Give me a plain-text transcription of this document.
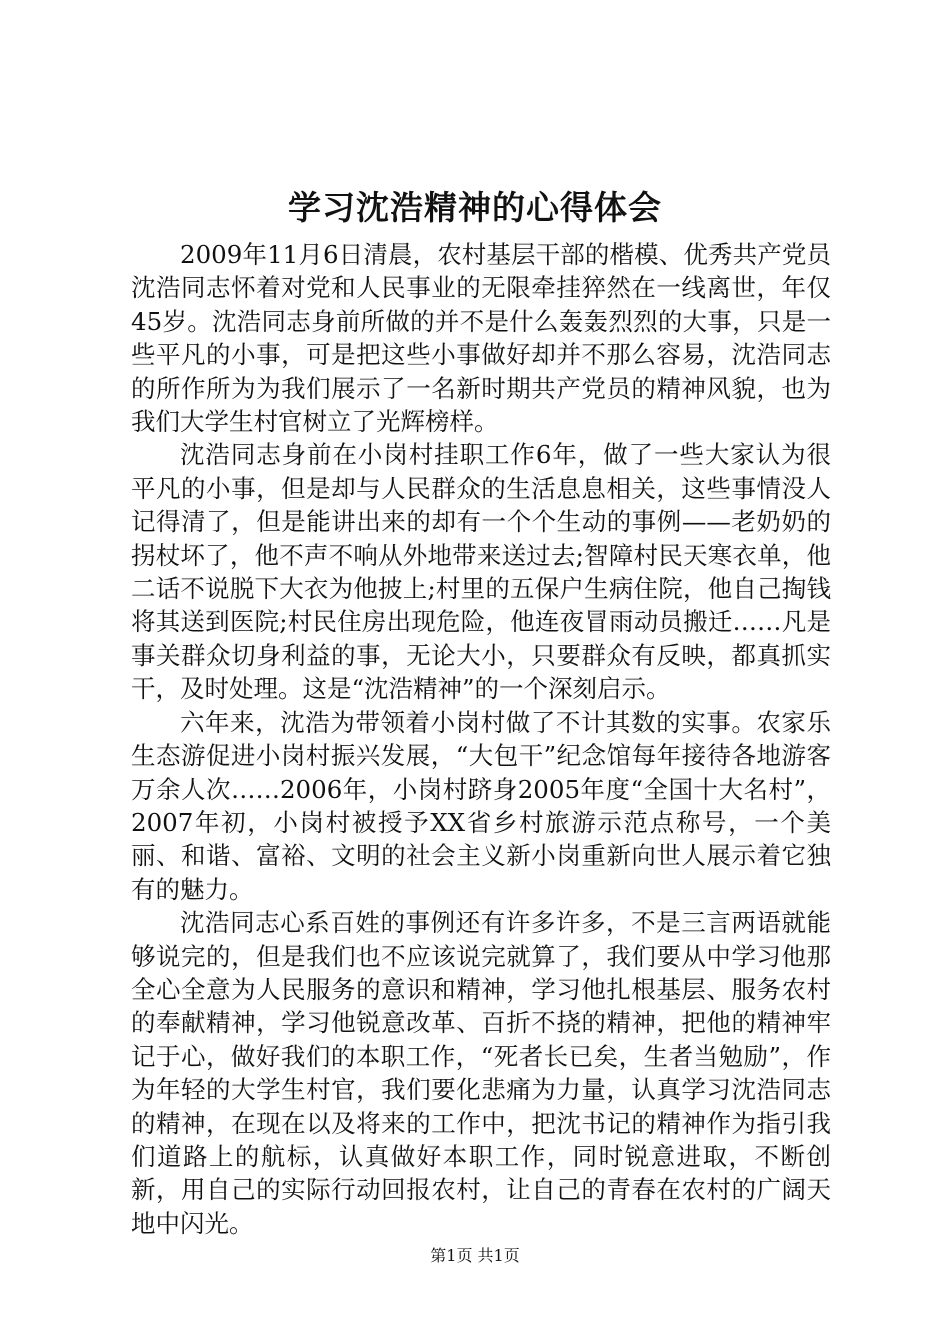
学习沈浩精神的心得体会

2009年11月6日清晨，农村基层干部的楷模、优秀共产党员沈浩同志怀着对党和人民事业的无限牵挂猝然在一线离世，年仅45岁。沈浩同志身前所做的并不是什么轰轰烈烈的大事，只是一些平凡的小事，可是把这些小事做好却并不那么容易，沈浩同志的所作所为为我们展示了一名新时期共产党员的精神风貌，也为我们大学生村官树立了光辉榜样。

沈浩同志身前在小岗村挂职工作6年，做了一些大家认为很平凡的小事，但是却与人民群众的生活息息相关，这些事情没人记得清了，但是能讲出来的却有一个个生动的事例——老奶奶的拐杖坏了，他不声不响从外地带来送过去;智障村民天寒衣单，他二话不说脱下大衣为他披上;村里的五保户生病住院，他自己掏钱将其送到医院;村民住房出现危险，他连夜冒雨动员搬迁……凡是事关群众切身利益的事，无论大小，只要群众有反映，都真抓实干，及时处理。这是“沈浩精神”的一个深刻启示。

六年来，沈浩为带领着小岗村做了不计其数的实事。农家乐生态游促进小岗村振兴发展，“大包干”纪念馆每年接待各地游客万余人次……2006年，小岗村跻身2005年度“全国十大名村”，2007年初，小岗村被授予XX省乡村旅游示范点称号，一个美丽、和谐、富裕、文明的社会主义新小岗重新向世人展示着它独有的魅力。

沈浩同志心系百姓的事例还有许多许多，不是三言两语就能够说完的，但是我们也不应该说完就算了，我们要从中学习他那全心全意为人民服务的意识和精神，学习他扎根基层、服务农村的奉献精神，学习他锐意改革、百折不挠的精神，把他的精神牢记于心，做好我们的本职工作，“死者长已矣，生者当勉励”，作为年轻的大学生村官，我们要化悲痛为力量，认真学习沈浩同志的精神，在现在以及将来的工作中，把沈书记的精神作为指引我们道路上的航标，认真做好本职工作，同时锐意进取，不断创新，用自己的实际行动回报农村，让自己的青春在农村的广阔天地中闪光。

第1页 共1页
